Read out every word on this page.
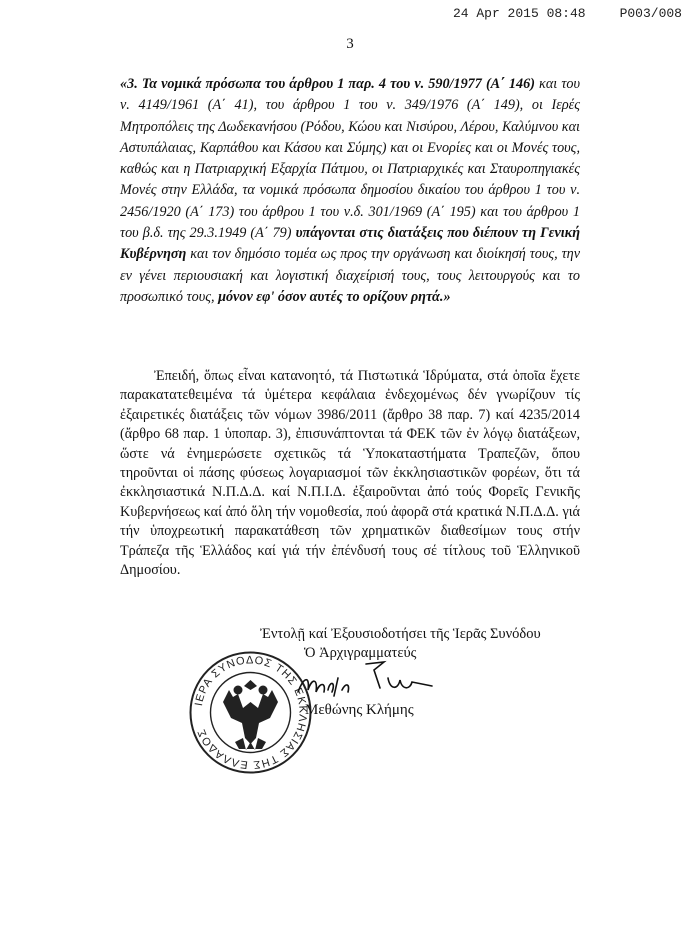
24 Apr 2015 08:48	P003/008
3
«3. Τα νομικά πρόσωπα του άρθρου 1 παρ. 4 του ν. 590/1977 (Α΄ 146) και του ν. 4149/1961 (Α΄ 41), του άρθρου 1 του ν. 349/1976 (Α΄ 149), οι Ιερές Μητροπόλεις της Δωδεκανήσου (Ρόδου, Κώου και Νισύρου, Λέρου, Καλύμνου και Αστυπάλαιας, Καρπάθου και Κάσου και Σύμης) και οι Ενορίες και οι Μονές τους, καθώς και η Πατριαρχική Εξαρχία Πάτμου, οι Πατριαρχικές και Σταυροπηγιακές Μονές στην Ελλάδα, τα νομικά πρόσωπα δημοσίου δικαίου του άρθρου 1 του ν. 2456/1920 (Α΄ 173) του άρθρου 1 του ν.δ. 301/1969 (Α΄ 195) και του άρθρου 1 του β.δ. της 29.3.1949 (Α΄ 79) υπάγονται στις διατάξεις που διέπουν τη Γενική Κυβέρνηση και τον δημόσιο τομέα ως προς την οργάνωση και διοίκησή τους, την εν γένει περιουσιακή και λογιστική διαχείρισή τους, τους λειτουργούς και το προσωπικό τους, μόνον εφ' όσον αυτές το ορίζουν ρητά.»

Ἐπειδή, ὅπως εἶναι κατανοητό, τά Πιστωτικά Ἱδρύματα, στά ὁποῖα ἔχετε παρακατατεθειμένα τά ὑμέτερα κεφάλαια ἐνδεχομένως δέν γνωρίζουν τίς ἐξαιρετικές διατάξεις τῶν νόμων 3986/2011 (ἄρθρο 38 παρ. 7) καί 4235/2014 (ἄρθρο 68 παρ. 1 ὑποπαρ. 3), ἐπισυνάπτονται τά ΦΕΚ τῶν ἐν λόγῳ διατάξεων, ὥστε νά ἐνημερώσετε σχετικῶς τά Ὑποκαταστήματα Τραπεζῶν, ὅπου τηροῦνται οἱ πάσης φύσεως λογαριασμοί τῶν ἐκκλησιαστικῶν φορέων, ὅτι τά ἐκκλησιαστικά Ν.Π.Δ.Δ. καί Ν.Π.Ι.Δ. ἐξαιροῦνται ἀπό τούς Φορεῖς Γενικῆς Κυβερνήσεως καί ἀπό ὅλη τήν νομοθεσία, πού ἀφορᾶ στά κρατικά Ν.Π.Δ.Δ. γιά τήν ὑποχρεωτική παρακατάθεση τῶν χρηματικῶν διαθεσίμων τους στήν Τράπεζα τῆς Ἑλλάδος καί γιά τήν ἐπένδυσή τους σέ τίτλους τοῦ Ἑλληνικοῦ Δημοσίου.

Ἐντολῇ καί Ἐξουσιοδοτήσει τῆς Ἱερᾶς Συνόδου
Ὁ Ἀρχιγραμματεύς
ΙΕΡΑ ΣΥΝΟΔΟΣ ΤΗΣ ΕΚΚΛΗΣΙΑΣ ΤΗΣ ΕΛΛΑΔΟΣ
Μεθώνης Κλήμης
